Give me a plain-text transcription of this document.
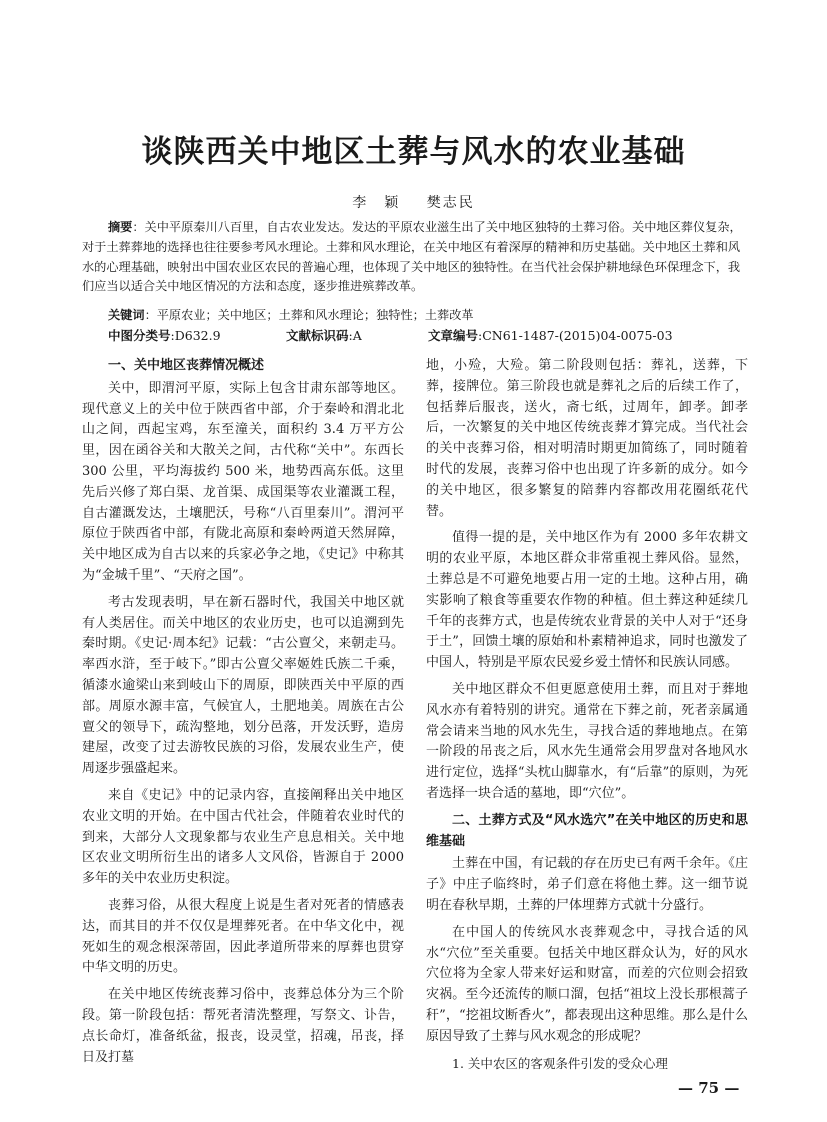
谈陕西关中地区土葬与风水的农业基础
李　颖 樊志民

摘要：关中平原秦川八百里，自古农业发达。发达的平原农业滋生出了关中地区独特的土葬习俗。关中地区葬仪复杂，对于土葬葬地的选择也往往要参考风水理论。土葬和风水理论，在关中地区有着深厚的精神和历史基础。关中地区土葬和风水的心理基础，映射出中国农业区农民的普遍心理，也体现了关中地区的独特性。在当代社会保护耕地绿色环保理念下，我们应当以适合关中地区情况的方法和态度，逐步推进殡葬改革。

关键词：平原农业；关中地区；土葬和风水理论；独特性；土葬改革

中图分类号:D632.9	文献标识码:A	文章编号:CN61-1487-(2015)04-0075-03
一、关中地区丧葬情况概述

关中，即渭河平原，实际上包含甘肃东部等地区。现代意义上的关中位于陕西省中部，介于秦岭和渭北北山之间，西起宝鸡，东至潼关，面积约 3.4 万平方公里，因在函谷关和大散关之间，古代称“关中”。东西长 300 公里，平均海拔约 500 米，地势西高东低。这里先后兴修了郑白渠、龙首渠、成国渠等农业灌溉工程，自古灌溉发达，土壤肥沃，号称“八百里秦川”。渭河平原位于陕西省中部，有陇北高原和秦岭两道天然屏障，关中地区成为自古以来的兵家必争之地，《史记》中称其为“金城千里”、“天府之国”。

考古发现表明，早在新石器时代，我国关中地区就有人类居住。而关中地区的农业历史，也可以追溯到先秦时期。《史记·周本纪》记载：“古公亶父，来朝走马。率西水浒，至于岐下。”即古公亶父率姬姓氏族二千乘，循漆水逾梁山来到岐山下的周原，即陕西关中平原的西部。周原水源丰富，气候宜人，土肥地美。周族在古公亶父的领导下，疏沟整地，划分邑落，开发沃野，造房建屋，改变了过去游牧民族的习俗，发展农业生产，使周逐步强盛起来。

来自《史记》中的记录内容，直接阐释出关中地区农业文明的开始。在中国古代社会，伴随着农业时代的到来，大部分人文现象都与农业生产息息相关。关中地区农业文明所衍生出的诸多人文风俗，皆源自于 2000 多年的关中农业历史积淀。

丧葬习俗，从很大程度上说是生者对死者的情感表达，而其目的并不仅仅是埋葬死者。在中华文化中，视死如生的观念根深蒂固，因此孝道所带来的厚葬也贯穿中华文明的历史。

在关中地区传统丧葬习俗中，丧葬总体分为三个阶段。第一阶段包括：帮死者清洗整理，写祭文、讣告，点长命灯，准备纸盆，报丧，设灵堂，招魂，吊丧，择日及打墓

地，小殓，大殓。第二阶段则包括：葬礼，送葬，下葬，接牌位。第三阶段也就是葬礼之后的后续工作了，包括葬后服丧，送火，斋七纸，过周年，卸孝。卸孝后，一次繁复的关中地区传统丧葬才算完成。当代社会的关中丧葬习俗，相对明清时期更加简练了，同时随着时代的发展，丧葬习俗中也出现了许多新的成分。如今的关中地区，很多繁复的陪葬内容都改用花圈纸花代替。

值得一提的是，关中地区作为有 2000 多年农耕文明的农业平原，本地区群众非常重视土葬风俗。显然，土葬总是不可避免地要占用一定的土地。这种占用，确实影响了粮食等重要农作物的种植。但土葬这种延续几千年的丧葬方式，也是传统农业背景的关中人对于“还身于土”，回馈土壤的原始和朴素精神追求，同时也激发了中国人，特别是平原农民爱乡爱土情怀和民族认同感。

关中地区群众不但更愿意使用土葬，而且对于葬地风水亦有着特别的讲究。通常在下葬之前，死者亲属通常会请来当地的风水先生，寻找合适的葬地地点。在第一阶段的吊丧之后，风水先生通常会用罗盘对各地风水进行定位，选择“头枕山脚靠水，有“后靠”的原则，为死者选择一块合适的墓地，即“穴位”。

二、土葬方式及“风水选穴”在关中地区的历史和思维基础

土葬在中国，有记载的存在历史已有两千余年。《庄子》中庄子临终时，弟子们意在将他土葬。这一细节说明在春秋早期，土葬的尸体埋葬方式就十分盛行。

在中国人的传统风水丧葬观念中，寻找合适的风水“穴位”至关重要。包括关中地区群众认为，好的风水穴位将为全家人带来好运和财富，而差的穴位则会招致灾祸。至今还流传的顺口溜，包括“祖坟上没长那根蒿子秆”，“挖祖坟断香火”，都表现出这种思维。那么是什么原因导致了土葬与风水观念的形成呢？

1. 关中农区的客观条件引发的受众心理
— 75 —
